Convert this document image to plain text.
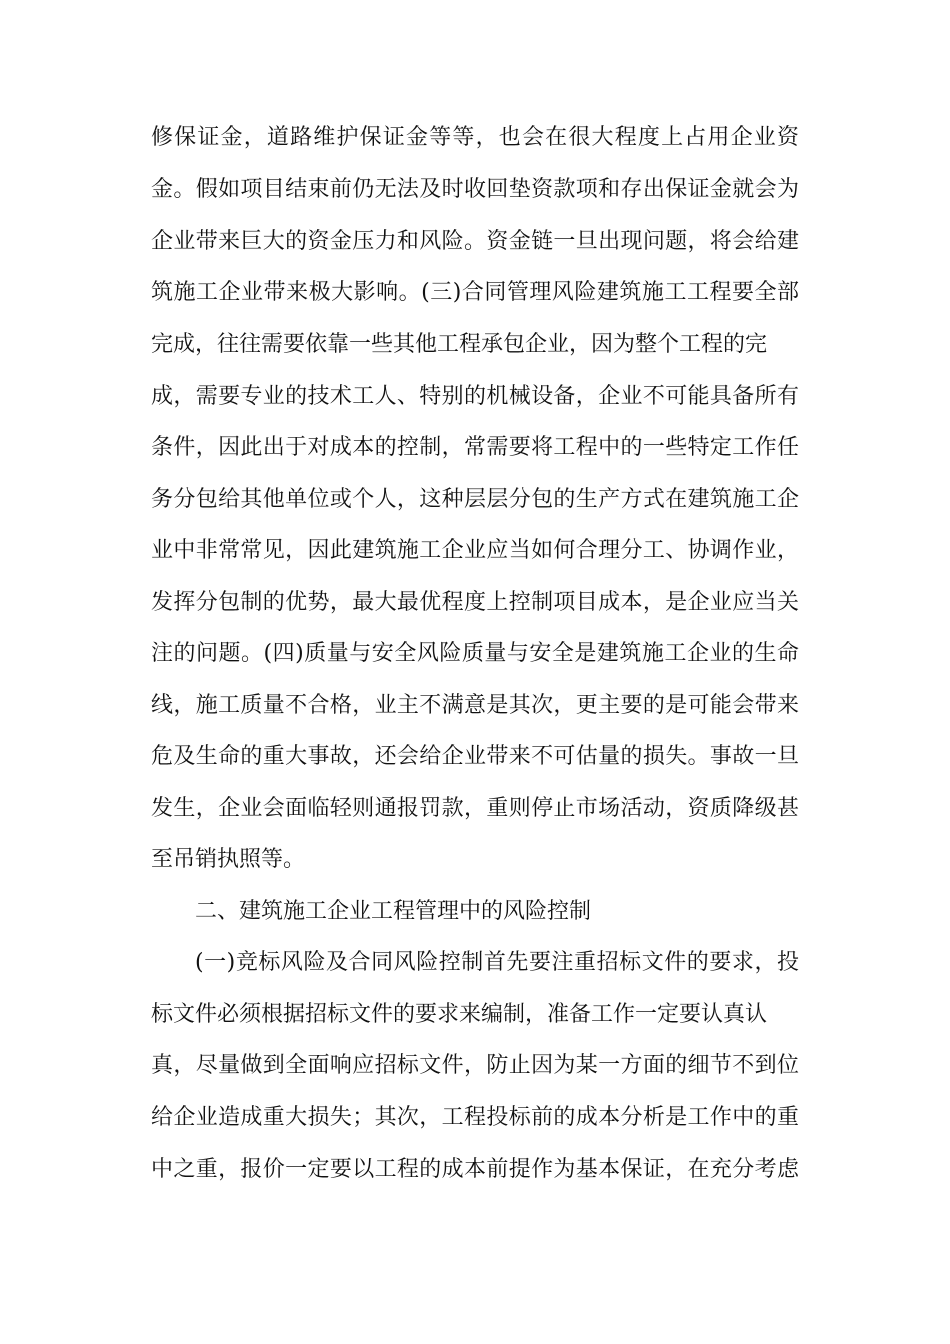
修保证金，道路维护保证金等等，也会在很大程度上占用企业资
金。假如项目结束前仍无法及时收回垫资款项和存出保证金就会为
企业带来巨大的资金压力和风险。资金链一旦出现问题，将会给建
筑施工企业带来极大影响。(三)合同管理风险建筑施工工程要全部
完成，往往需要依靠一些其他工程承包企业，因为整个工程的完
成，需要专业的技术工人、特别的机械设备，企业不可能具备所有
条件，因此出于对成本的控制，常需要将工程中的一些特定工作任
务分包给其他单位或个人，这种层层分包的生产方式在建筑施工企
业中非常常见，因此建筑施工企业应当如何合理分工、协调作业，
发挥分包制的优势，最大最优程度上控制项目成本，是企业应当关
注的问题。(四)质量与安全风险质量与安全是建筑施工企业的生命
线，施工质量不合格，业主不满意是其次，更主要的是可能会带来
危及生命的重大事故，还会给企业带来不可估量的损失。事故一旦
发生，企业会面临轻则通报罚款，重则停止市场活动，资质降级甚
至吊销执照等。
二、建筑施工企业工程管理中的风险控制
(一)竞标风险及合同风险控制首先要注重招标文件的要求，投
标文件必须根据招标文件的要求来编制，准备工作一定要认真认
真，尽量做到全面响应招标文件，防止因为某一方面的细节不到位
给企业造成重大损失；其次，工程投标前的成本分析是工作中的重
中之重，报价一定要以工程的成本前提作为基本保证，在充分考虑
